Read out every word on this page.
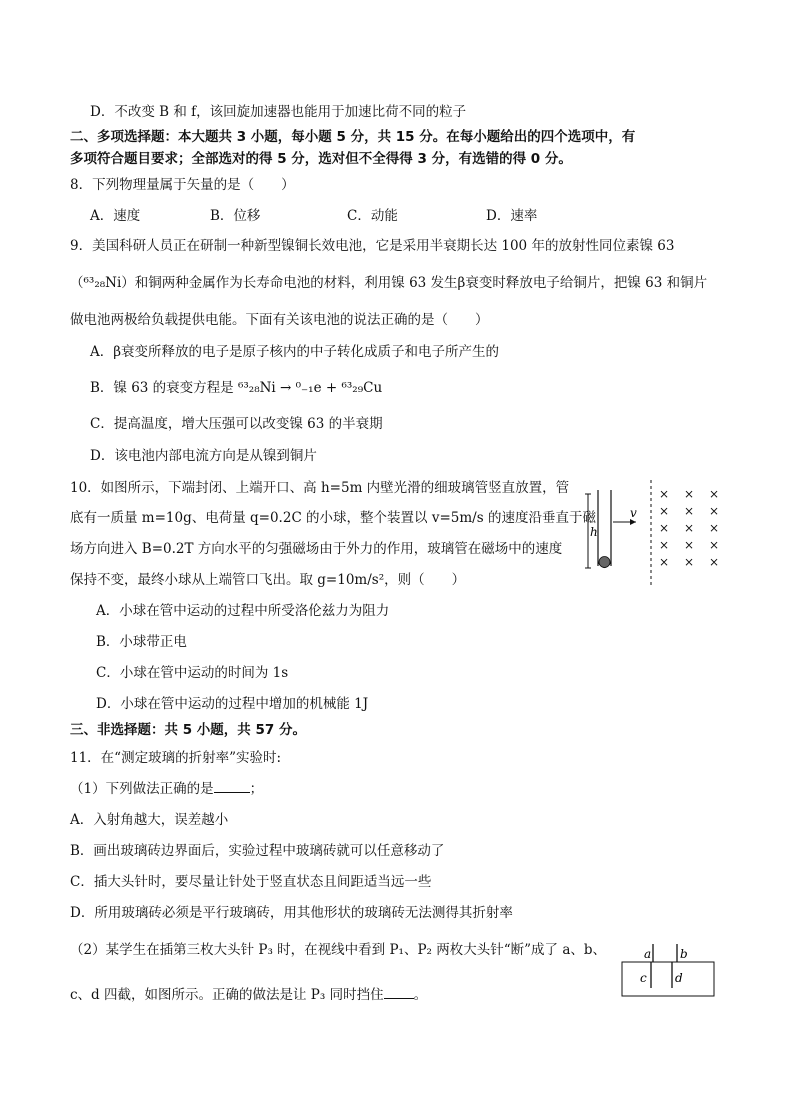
D．不改变 B 和 f，该回旋加速器也能用于加速比荷不同的粒子
二、多项选择题：本大题共 3 小题，每小题 5 分，共 15 分。在每小题给出的四个选项中，有
多项符合题目要求；全部选对的得 5 分，选对但不全得得 3 分，有选错的得 0 分。
8．下列物理量属于矢量的是（　　）
A．速度	B．位移	C．动能	D．速率
9．美国科研人员正在研制一种新型镍铜长效电池，它是采用半衰期长达 100 年的放射性同位素镍 63
（⁶³₂₈Ni）和铜两种金属作为长寿命电池的材料，利用镍 63 发生β衰变时释放电子给铜片，把镍 63 和铜片
做电池两极给负载提供电能。下面有关该电池的说法正确的是（　　）
A．β衰变所释放的电子是原子核内的中子转化成质子和电子所产生的
B．镍 63 的衰变方程是 ⁶³₂₈Ni → ⁰₋₁e + ⁶³₂₉Cu
C．提高温度，增大压强可以改变镍 63 的半衰期
D．该电池内部电流方向是从镍到铜片
10．如图所示，下端封闭、上端开口、高 h=5m 内壁光滑的细玻璃管竖直放置，管
底有一质量 m=10g、电荷量 q=0.2C 的小球，整个装置以 v=5m/s 的速度沿垂直于磁
场方向进入 B=0.2T 方向水平的匀强磁场由于外力的作用，玻璃管在磁场中的速度
保持不变，最终小球从上端管口飞出。取 g=10m/s²，则（　　）
h
v
× × ×
× × ×
× × ×
× × ×
× × ×
A．小球在管中运动的过程中所受洛伦兹力为阻力
B．小球带正电
C．小球在管中运动的时间为 1s
D．小球在管中运动的过程中增加的机械能 1J
三、非选择题：共 5 小题，共 57 分。
11．在“测定玻璃的折射率”实验时:
（1）下列做法正确的是	；
A．入射角越大，误差越小
B．画出玻璃砖边界面后，实验过程中玻璃砖就可以任意移动了
C．插大头针时，要尽量让针处于竖直状态且间距适当远一些
D．所用玻璃砖必须是平行玻璃砖，用其他形状的玻璃砖无法测得其折射率
（2）某学生在插第三枚大头针 P₃ 时，在视线中看到 P₁、P₂ 两枚大头针“断”成了 a、b、
c、d 四截，如图所示。正确的做法是让 P₃ 同时挡住 。
a b
c d
